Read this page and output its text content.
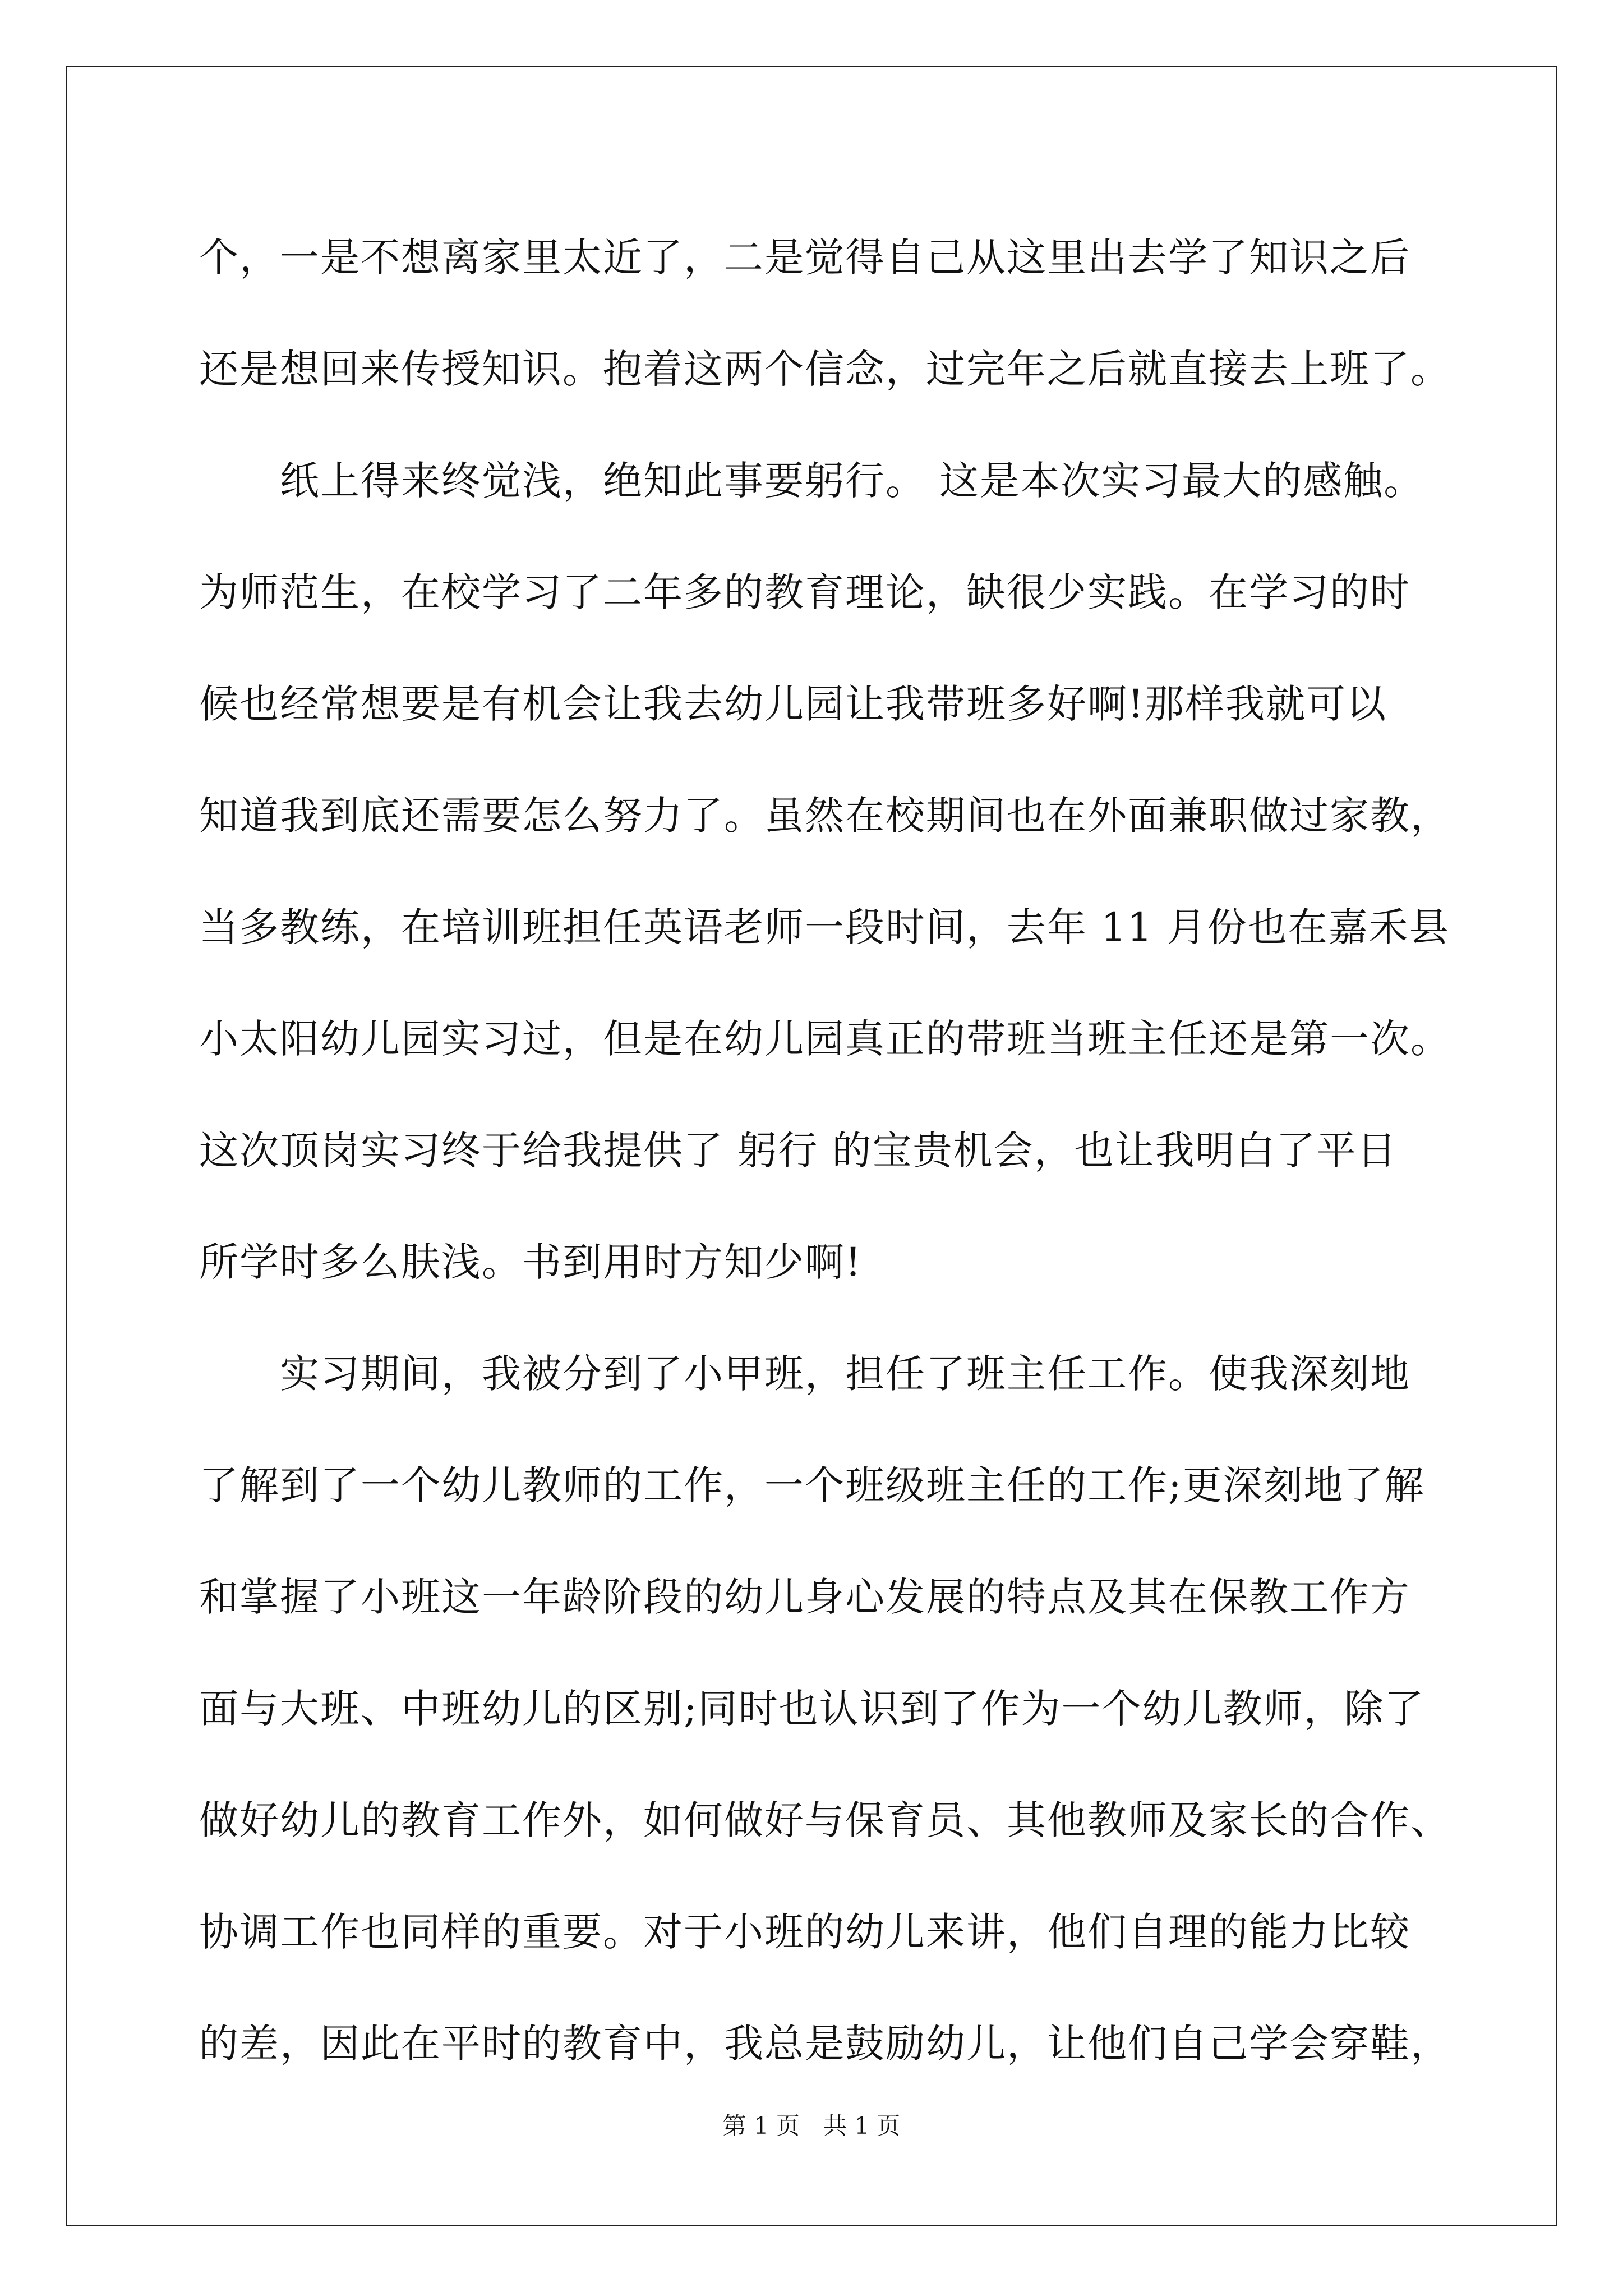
个，一是不想离家里太近了，二是觉得自己从这里出去学了知识之后
还是想回来传授知识。抱着这两个信念，过完年之后就直接去上班了。
　　纸上得来终觉浅，绝知此事要躬行。 这是本次实习最大的感触。
为师范生，在校学习了二年多的教育理论，缺很少实践。在学习的时
候也经常想要是有机会让我去幼儿园让我带班多好啊!那样我就可以
知道我到底还需要怎么努力了。虽然在校期间也在外面兼职做过家教，
当多教练，在培训班担任英语老师一段时间，去年 11 月份也在嘉禾县
小太阳幼儿园实习过，但是在幼儿园真正的带班当班主任还是第一次。
这次顶岗实习终于给我提供了 躬行 的宝贵机会，也让我明白了平日
所学时多么肤浅。书到用时方知少啊!
　　实习期间，我被分到了小甲班，担任了班主任工作。使我深刻地
了解到了一个幼儿教师的工作，一个班级班主任的工作;更深刻地了解
和掌握了小班这一年龄阶段的幼儿身心发展的特点及其在保教工作方
面与大班、中班幼儿的区别;同时也认识到了作为一个幼儿教师，除了
做好幼儿的教育工作外，如何做好与保育员、其他教师及家长的合作、
协调工作也同样的重要。对于小班的幼儿来讲，他们自理的能力比较
的差，因此在平时的教育中，我总是鼓励幼儿，让他们自己学会穿鞋，
第 1 页　共 1 页
